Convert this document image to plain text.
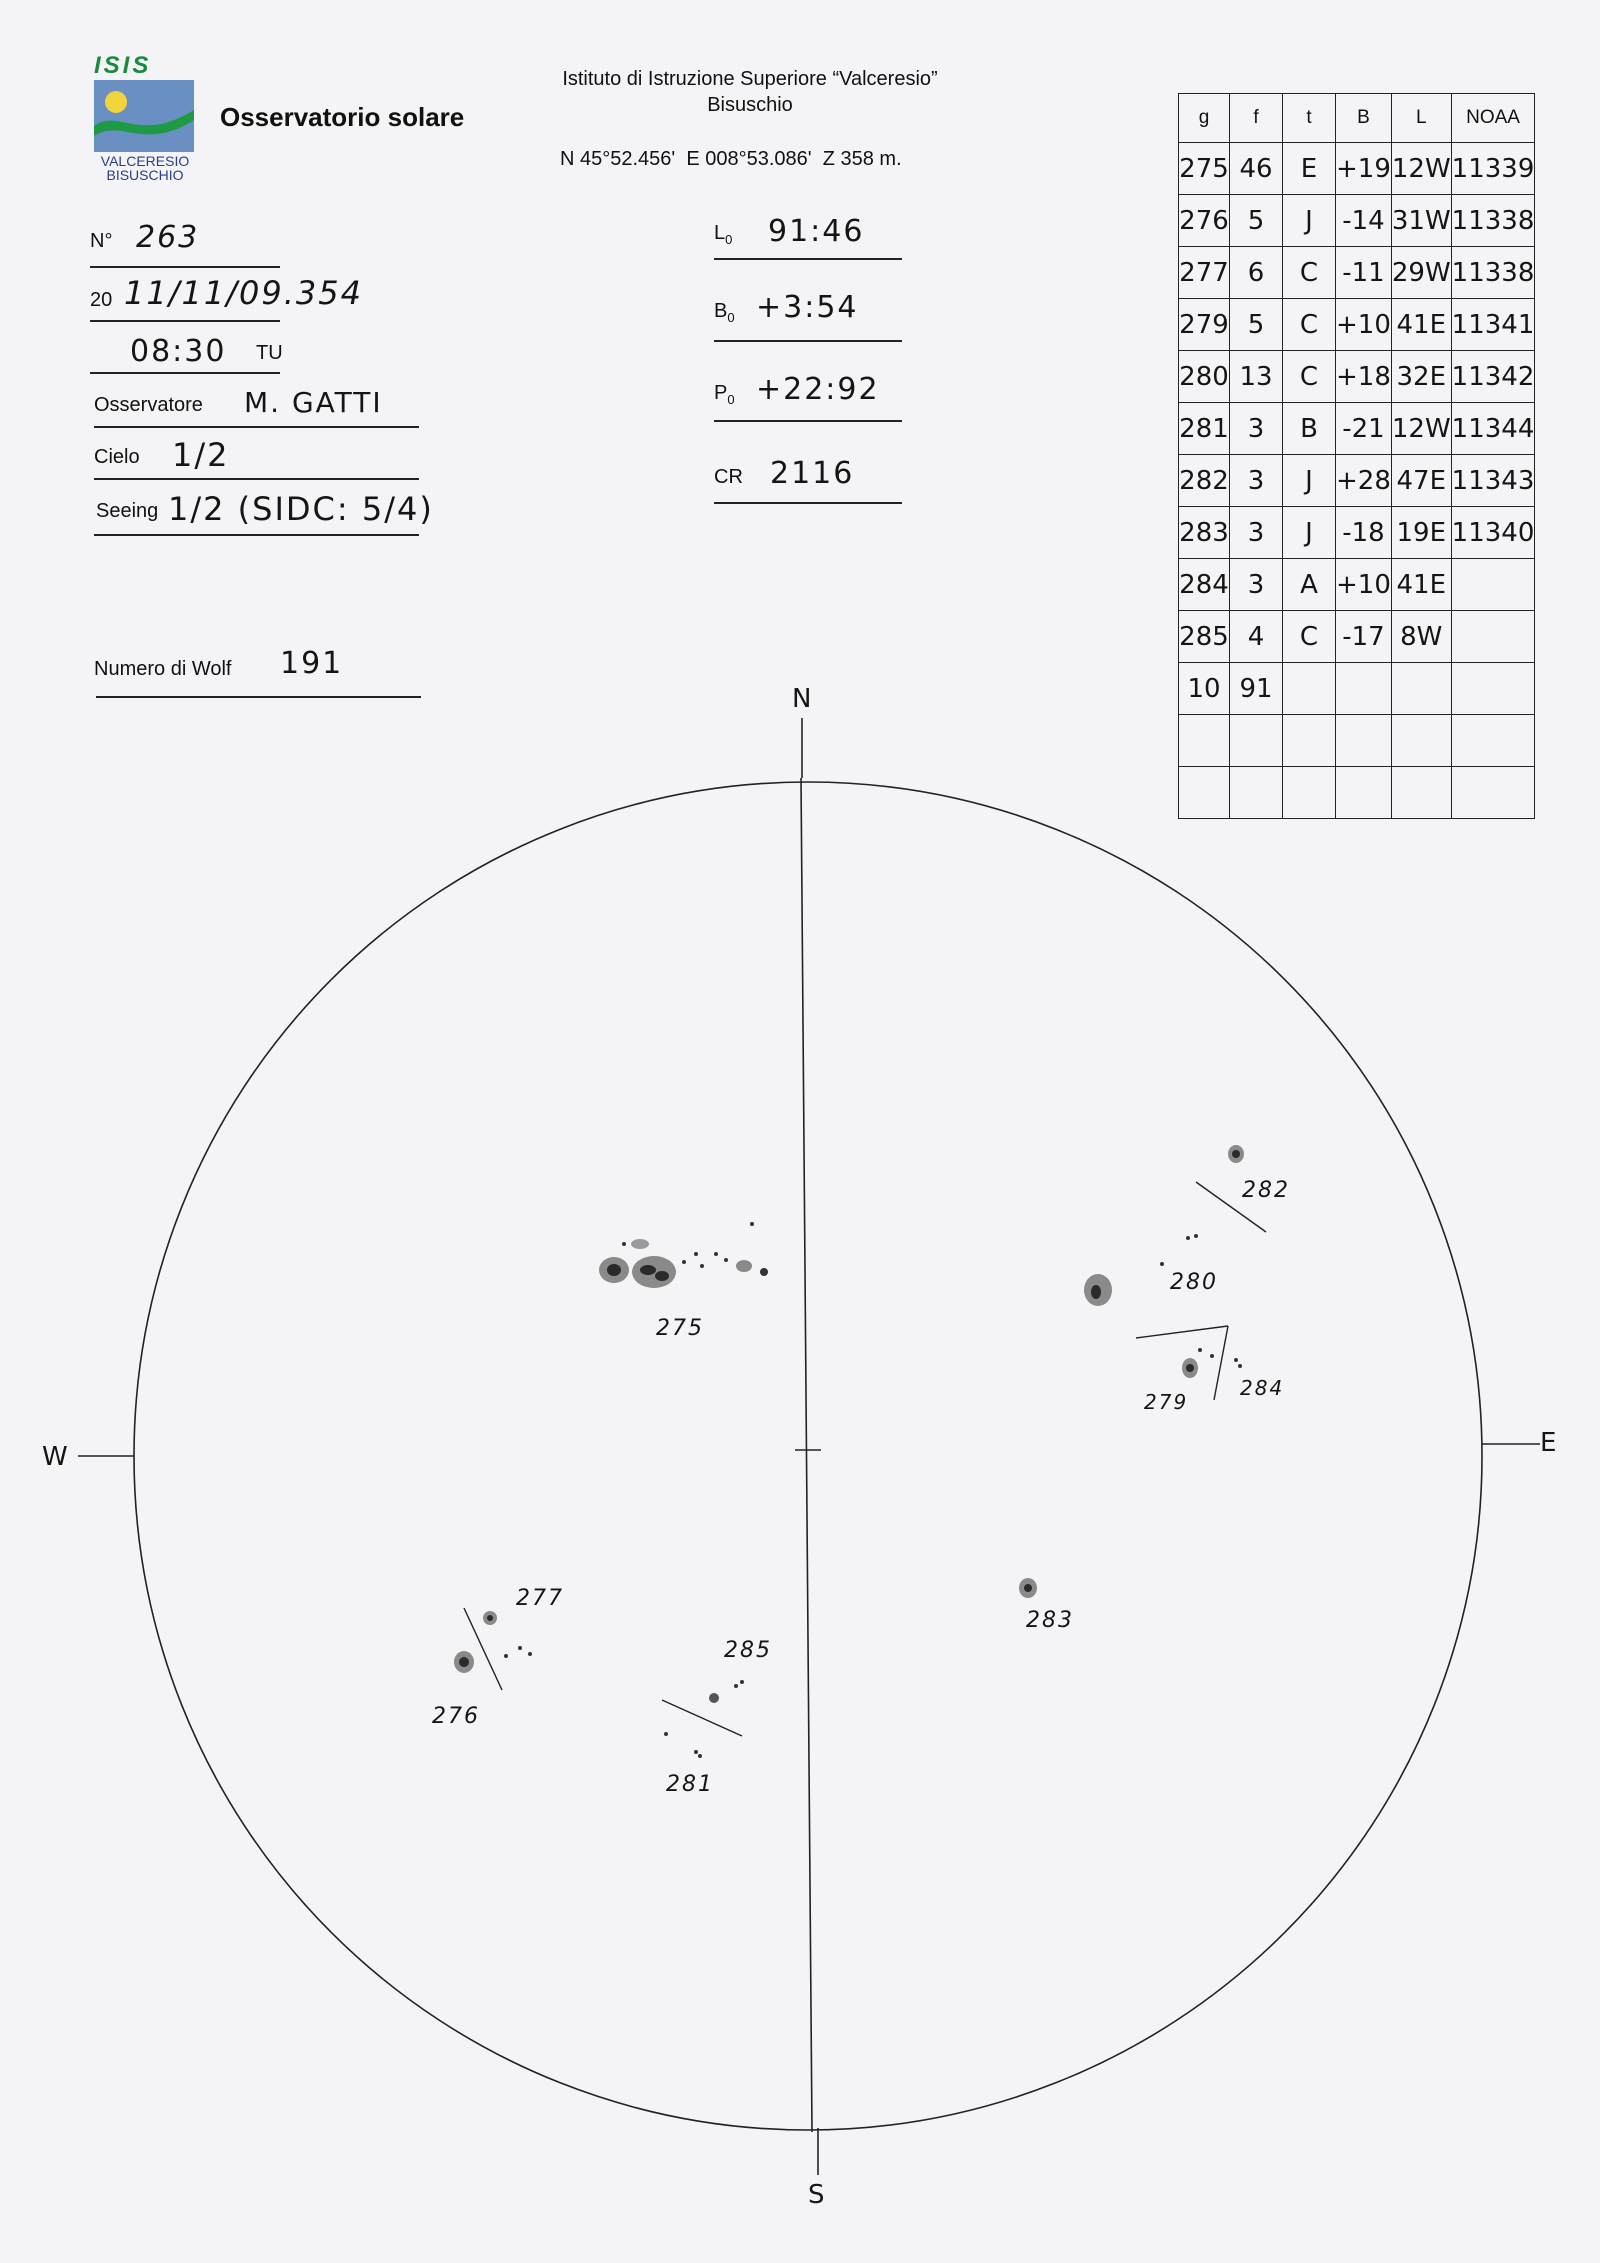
ISIS
VALCERESIO
BISUSCHIO
Osservatorio solare
Istituto di Istruzione Superiore “Valceresio”
Bisuschio
N 45°52.456'  E 008°53.086'  Z 358 m.
N° 263
20 11/11/09.354
08:30 TU
Osservatore M. GATTI
Cielo 1/2
Seeing 1/2 (SIDC: 5/4)
Numero di Wolf 191
$L_0$ 91:46
$B_0$ +3:54
$P_0$ +22:92
CR 2116
g	f	t	B	L	NOAA
275	46	E	+19	12W	11339
276	5	J	-14	31W	11338
277	6	C	-11	29W	11338
279	5	C	+10	41E	11341
280	13	C	+18	32E	11342
281	3	B	-21	12W	11344
282	3	J	+28	47E	11343
283	3	J	-18	19E	11340
284	3	A	+10	41E	
285	4	C	-17	8W	
10	91				

N
S
E
W
275
276
277
279
280
281
282
283
284
285
